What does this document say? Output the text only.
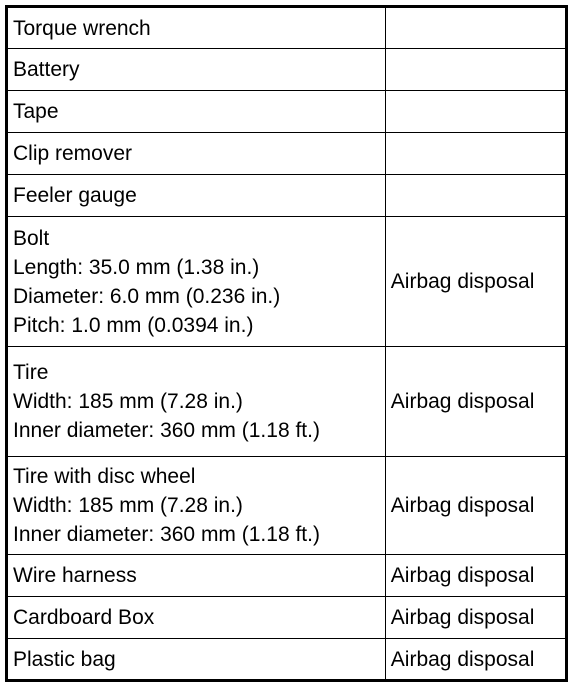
Torque wrench	

Battery	

Tape	

Clip remover	

Feeler gauge	

Bolt
Length: 35.0 mm (1.38 in.)
Diameter: 6.0 mm (0.236 in.)
Pitch: 1.0 mm (0.0394 in.)	Airbag disposal

Tire
Width: 185 mm (7.28 in.)
Inner diameter: 360 mm (1.18 ft.)	Airbag disposal

Tire with disc wheel
Width: 185 mm (7.28 in.)
Inner diameter: 360 mm (1.18 ft.)	Airbag disposal

Wire harness	Airbag disposal

Cardboard Box	Airbag disposal

Plastic bag	Airbag disposal
